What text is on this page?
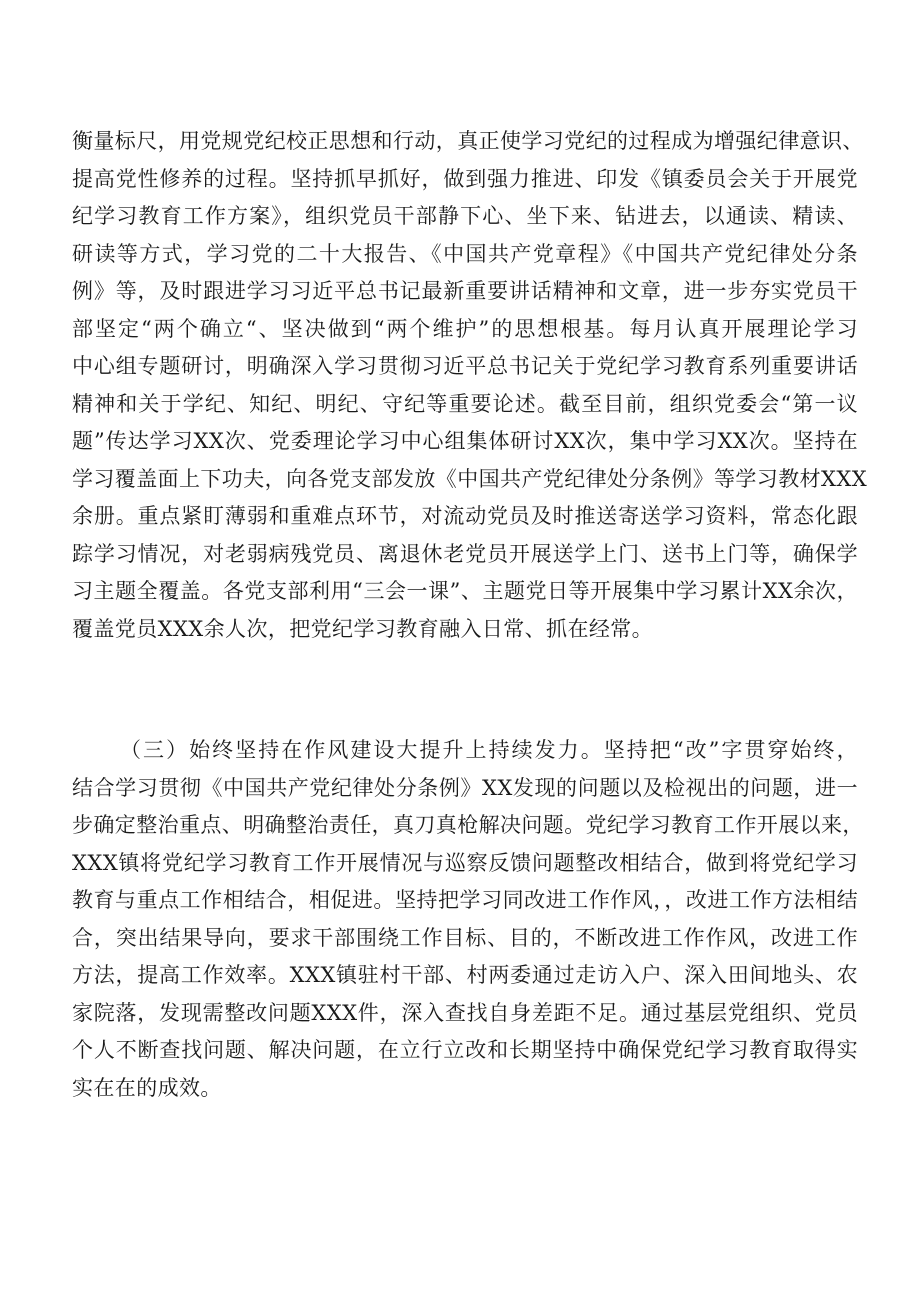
衡量标尺，用党规党纪校正思想和行动，真正使学习党纪的过程成为增强纪律意识、
提高党性修养的过程。坚持抓早抓好，做到强力推进、印发《镇委员会关于开展党
纪学习教育工作方案》，组织党员干部静下心、坐下来、钻进去，以通读、精读、
研读等方式，学习党的二十大报告、《中国共产党章程》《中国共产党纪律处分条
例》等，及时跟进学习习近平总书记最新重要讲话精神和文章，进一步夯实党员干
部坚定“两个确立“、坚决做到“两个维护”的思想根基。每月认真开展理论学习
中心组专题研讨，明确深入学习贯彻习近平总书记关于党纪学习教育系列重要讲话
精神和关于学纪、知纪、明纪、守纪等重要论述。截至目前，组织党委会“第一议
题”传达学习XX次、党委理论学习中心组集体研讨XX次，集中学习XX次。坚持在
学习覆盖面上下功夫，向各党支部发放《中国共产党纪律处分条例》等学习教材XXX
余册。重点紧盯薄弱和重难点环节，对流动党员及时推送寄送学习资料，常态化跟
踪学习情况，对老弱病残党员、离退休老党员开展送学上门、送书上门等，确保学
习主题全覆盖。各党支部利用“三会一课”、主题党日等开展集中学习累计XX余次，
覆盖党员XXX余人次，把党纪学习教育融入日常、抓在经常。
（三）始终坚持在作风建设大提升上持续发力。坚持把“改”字贯穿始终，
结合学习贯彻《中国共产党纪律处分条例》XX发现的问题以及检视出的问题，进一
步确定整治重点、明确整治责任，真刀真枪解决问题。党纪学习教育工作开展以来，
XXX镇将党纪学习教育工作开展情况与巡察反馈问题整改相结合，做到将党纪学习
教育与重点工作相结合，相促进。坚持把学习同改进工作作风，，改进工作方法相结
合，突出结果导向，要求干部围绕工作目标、目的，不断改进工作作风，改进工作
方法，提高工作效率。XXX镇驻村干部、村两委通过走访入户、深入田间地头、农
家院落，发现需整改问题XXX件，深入查找自身差距不足。通过基层党组织、党员
个人不断查找问题、解决问题，在立行立改和长期坚持中确保党纪学习教育取得实
实在在的成效。
